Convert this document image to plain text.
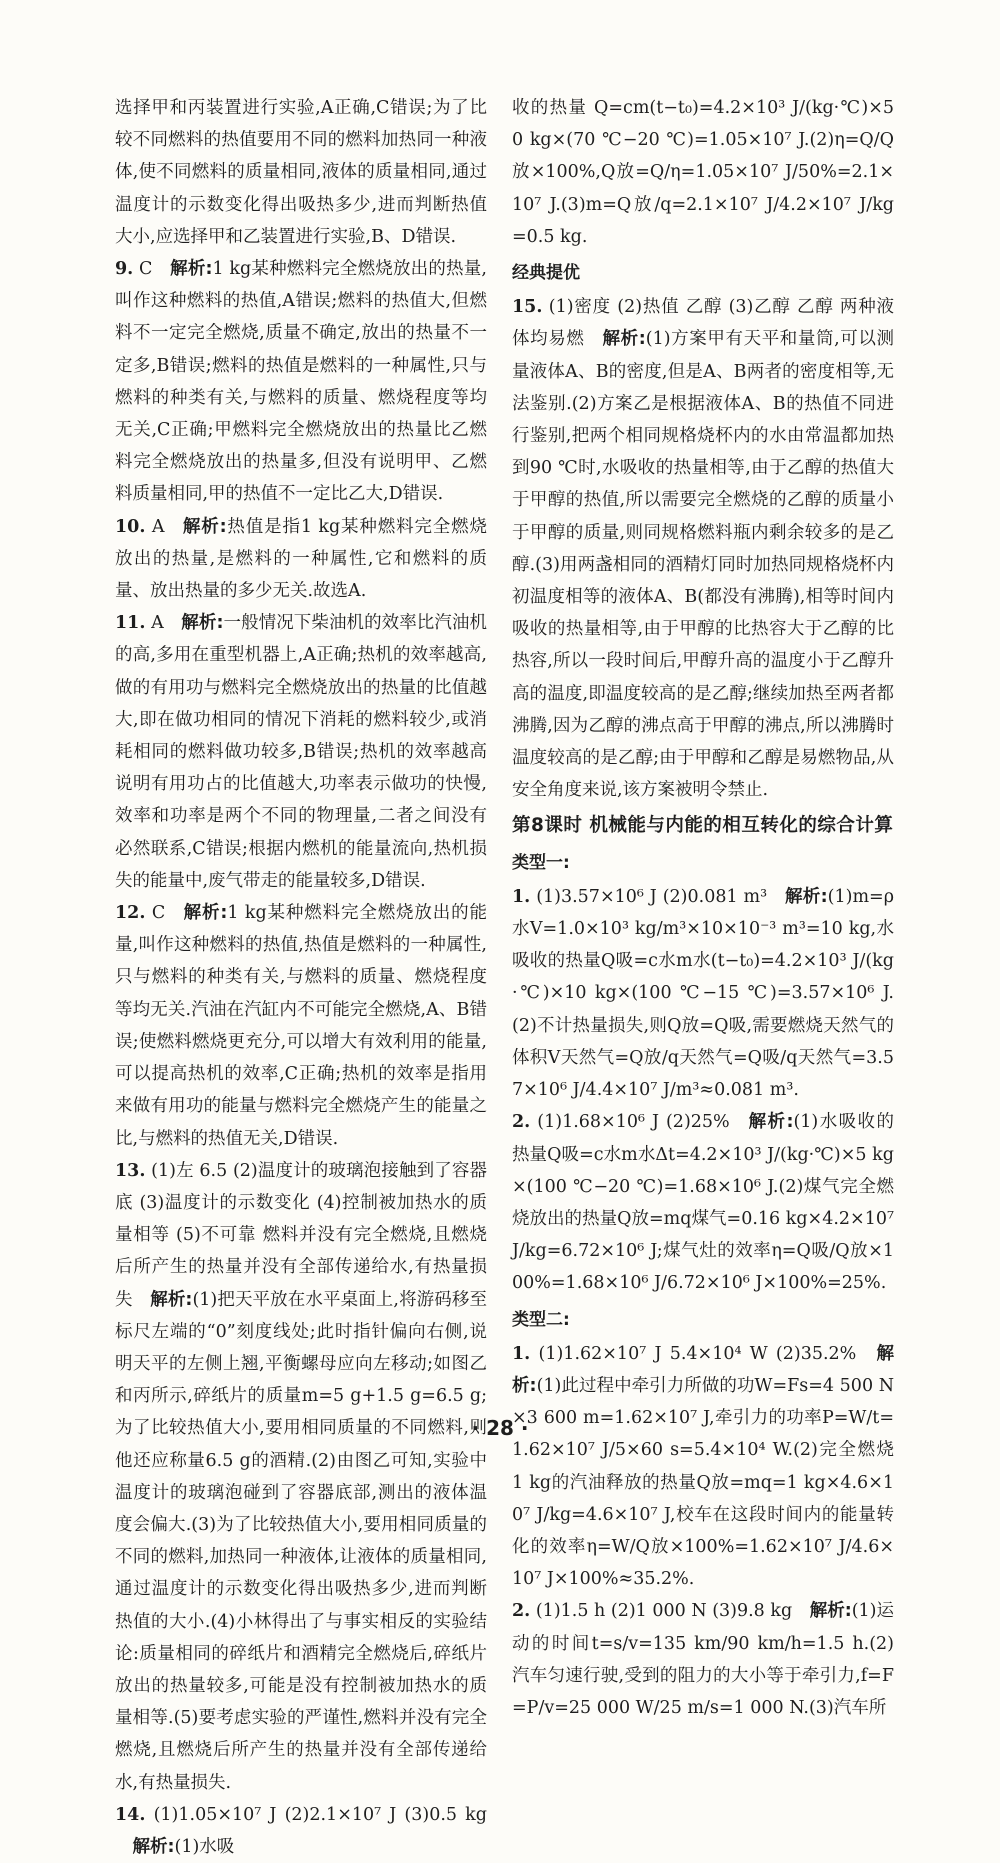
选择甲和丙装置进行实验,A正确,C错误;为了比较不同燃料的热值要用不同的燃料加热同一种液体,使不同燃料的质量相同,液体的质量相同,通过温度计的示数变化得出吸热多少,进而判断热值大小,应选择甲和乙装置进行实验,B、D错误.

9. C  解析:1 kg某种燃料完全燃烧放出的热量,叫作这种燃料的热值,A错误;燃料的热值大,但燃料不一定完全燃烧,质量不确定,放出的热量不一定多,B错误;燃料的热值是燃料的一种属性,只与燃料的种类有关,与燃料的质量、燃烧程度等均无关,C正确;甲燃料完全燃烧放出的热量比乙燃料完全燃烧放出的热量多,但没有说明甲、乙燃料质量相同,甲的热值不一定比乙大,D错误.

10. A  解析:热值是指1 kg某种燃料完全燃烧放出的热量,是燃料的一种属性,它和燃料的质量、放出热量的多少无关.故选A.

11. A  解析:一般情况下柴油机的效率比汽油机的高,多用在重型机器上,A正确;热机的效率越高,做的有用功与燃料完全燃烧放出的热量的比值越大,即在做功相同的情况下消耗的燃料较少,或消耗相同的燃料做功较多,B错误;热机的效率越高说明有用功占的比值越大,功率表示做功的快慢,效率和功率是两个不同的物理量,二者之间没有必然联系,C错误;根据内燃机的能量流向,热机损失的能量中,废气带走的能量较多,D错误.

12. C  解析:1 kg某种燃料完全燃烧放出的能量,叫作这种燃料的热值,热值是燃料的一种属性,只与燃料的种类有关,与燃料的质量、燃烧程度等均无关.汽油在汽缸内不可能完全燃烧,A、B错误;使燃料燃烧更充分,可以增大有效利用的能量,可以提高热机的效率,C正确;热机的效率是指用来做有用功的能量与燃料完全燃烧产生的能量之比,与燃料的热值无关,D错误.

13. (1)左 6.5 (2)温度计的玻璃泡接触到了容器底 (3)温度计的示数变化 (4)控制被加热水的质量相等 (5)不可靠 燃料并没有完全燃烧,且燃烧后所产生的热量并没有全部传递给水,有热量损失  解析:(1)把天平放在水平桌面上,将游码移至标尺左端的“0”刻度线处;此时指针偏向右侧,说明天平的左侧上翘,平衡螺母应向左移动;如图乙和丙所示,碎纸片的质量m=5 g+1.5 g=6.5 g;为了比较热值大小,要用相同质量的不同燃料,则他还应称量6.5 g的酒精.(2)由图乙可知,实验中温度计的玻璃泡碰到了容器底部,测出的液体温度会偏大.(3)为了比较热值大小,要用相同质量的不同的燃料,加热同一种液体,让液体的质量相同,通过温度计的示数变化得出吸热多少,进而判断热值的大小.(4)小林得出了与事实相反的实验结论:质量相同的碎纸片和酒精完全燃烧后,碎纸片放出的热量较多,可能是没有控制被加热水的质量相等.(5)要考虑实验的严谨性,燃料并没有完全燃烧,且燃烧后所产生的热量并没有全部传递给水,有热量损失.

14. (1)1.05×10⁷ J (2)2.1×10⁷ J (3)0.5 kg 解析:(1)水吸

收的热量 Q=cm(t−t₀)=4.2×10³ J/(kg·℃)×50 kg×(70 ℃−20 ℃)=1.05×10⁷ J.(2)η=Q/Q放×100%,Q放=Q/η=1.05×10⁷ J/50%=2.1×10⁷ J.(3)m=Q放/q=2.1×10⁷ J/4.2×10⁷ J/kg=0.5 kg.

经典提优

15. (1)密度 (2)热值 乙醇 (3)乙醇 乙醇 两种液体均易燃  解析:(1)方案甲有天平和量筒,可以测量液体A、B的密度,但是A、B两者的密度相等,无法鉴别.(2)方案乙是根据液体A、B的热值不同进行鉴别,把两个相同规格烧杯内的水由常温都加热到90 ℃时,水吸收的热量相等,由于乙醇的热值大于甲醇的热值,所以需要完全燃烧的乙醇的质量小于甲醇的质量,则同规格燃料瓶内剩余较多的是乙醇.(3)用两盏相同的酒精灯同时加热同规格烧杯内初温度相等的液体A、B(都没有沸腾),相等时间内吸收的热量相等,由于甲醇的比热容大于乙醇的比热容,所以一段时间后,甲醇升高的温度小于乙醇升高的温度,即温度较高的是乙醇;继续加热至两者都沸腾,因为乙醇的沸点高于甲醇的沸点,所以沸腾时温度较高的是乙醇;由于甲醇和乙醇是易燃物品,从安全角度来说,该方案被明令禁止.

第8课时 机械能与内能的相互转化的综合计算
类型一:

1. (1)3.57×10⁶ J (2)0.081 m³  解析:(1)m=ρ水V=1.0×10³ kg/m³×10×10⁻³ m³=10 kg,水吸收的热量Q吸=c水m水(t−t₀)=4.2×10³ J/(kg·℃)×10 kg×(100 ℃−15 ℃)=3.57×10⁶ J.(2)不计热量损失,则Q放=Q吸,需要燃烧天然气的体积V天然气=Q放/q天然气=Q吸/q天然气=3.57×10⁶ J/4.4×10⁷ J/m³≈0.081 m³.

2. (1)1.68×10⁶ J (2)25%  解析:(1)水吸收的热量Q吸=c水m水Δt=4.2×10³ J/(kg·℃)×5 kg×(100 ℃−20 ℃)=1.68×10⁶ J.(2)煤气完全燃烧放出的热量Q放=mq煤气=0.16 kg×4.2×10⁷ J/kg=6.72×10⁶ J;煤气灶的效率η=Q吸/Q放×100%=1.68×10⁶ J/6.72×10⁶ J×100%=25%.

类型二:

1. (1)1.62×10⁷ J 5.4×10⁴ W (2)35.2%  解析:(1)此过程中牵引力所做的功W=Fs=4 500 N×3 600 m=1.62×10⁷ J,牵引力的功率P=W/t=1.62×10⁷ J/5×60 s=5.4×10⁴ W.(2)完全燃烧1 kg的汽油释放的热量Q放=mq=1 kg×4.6×10⁷ J/kg=4.6×10⁷ J,校车在这段时间内的能量转化的效率η=W/Q放×100%=1.62×10⁷ J/4.6×10⁷ J×100%≈35.2%.

2. (1)1.5 h (2)1 000 N (3)9.8 kg  解析:(1)运动的时间t=s/v=135 km/90 km/h=1.5 h.(2)汽车匀速行驶,受到的阻力的大小等于牵引力,f=F=P/v=25 000 W/25 m/s=1 000 N.(3)汽车所

· 28 ·
